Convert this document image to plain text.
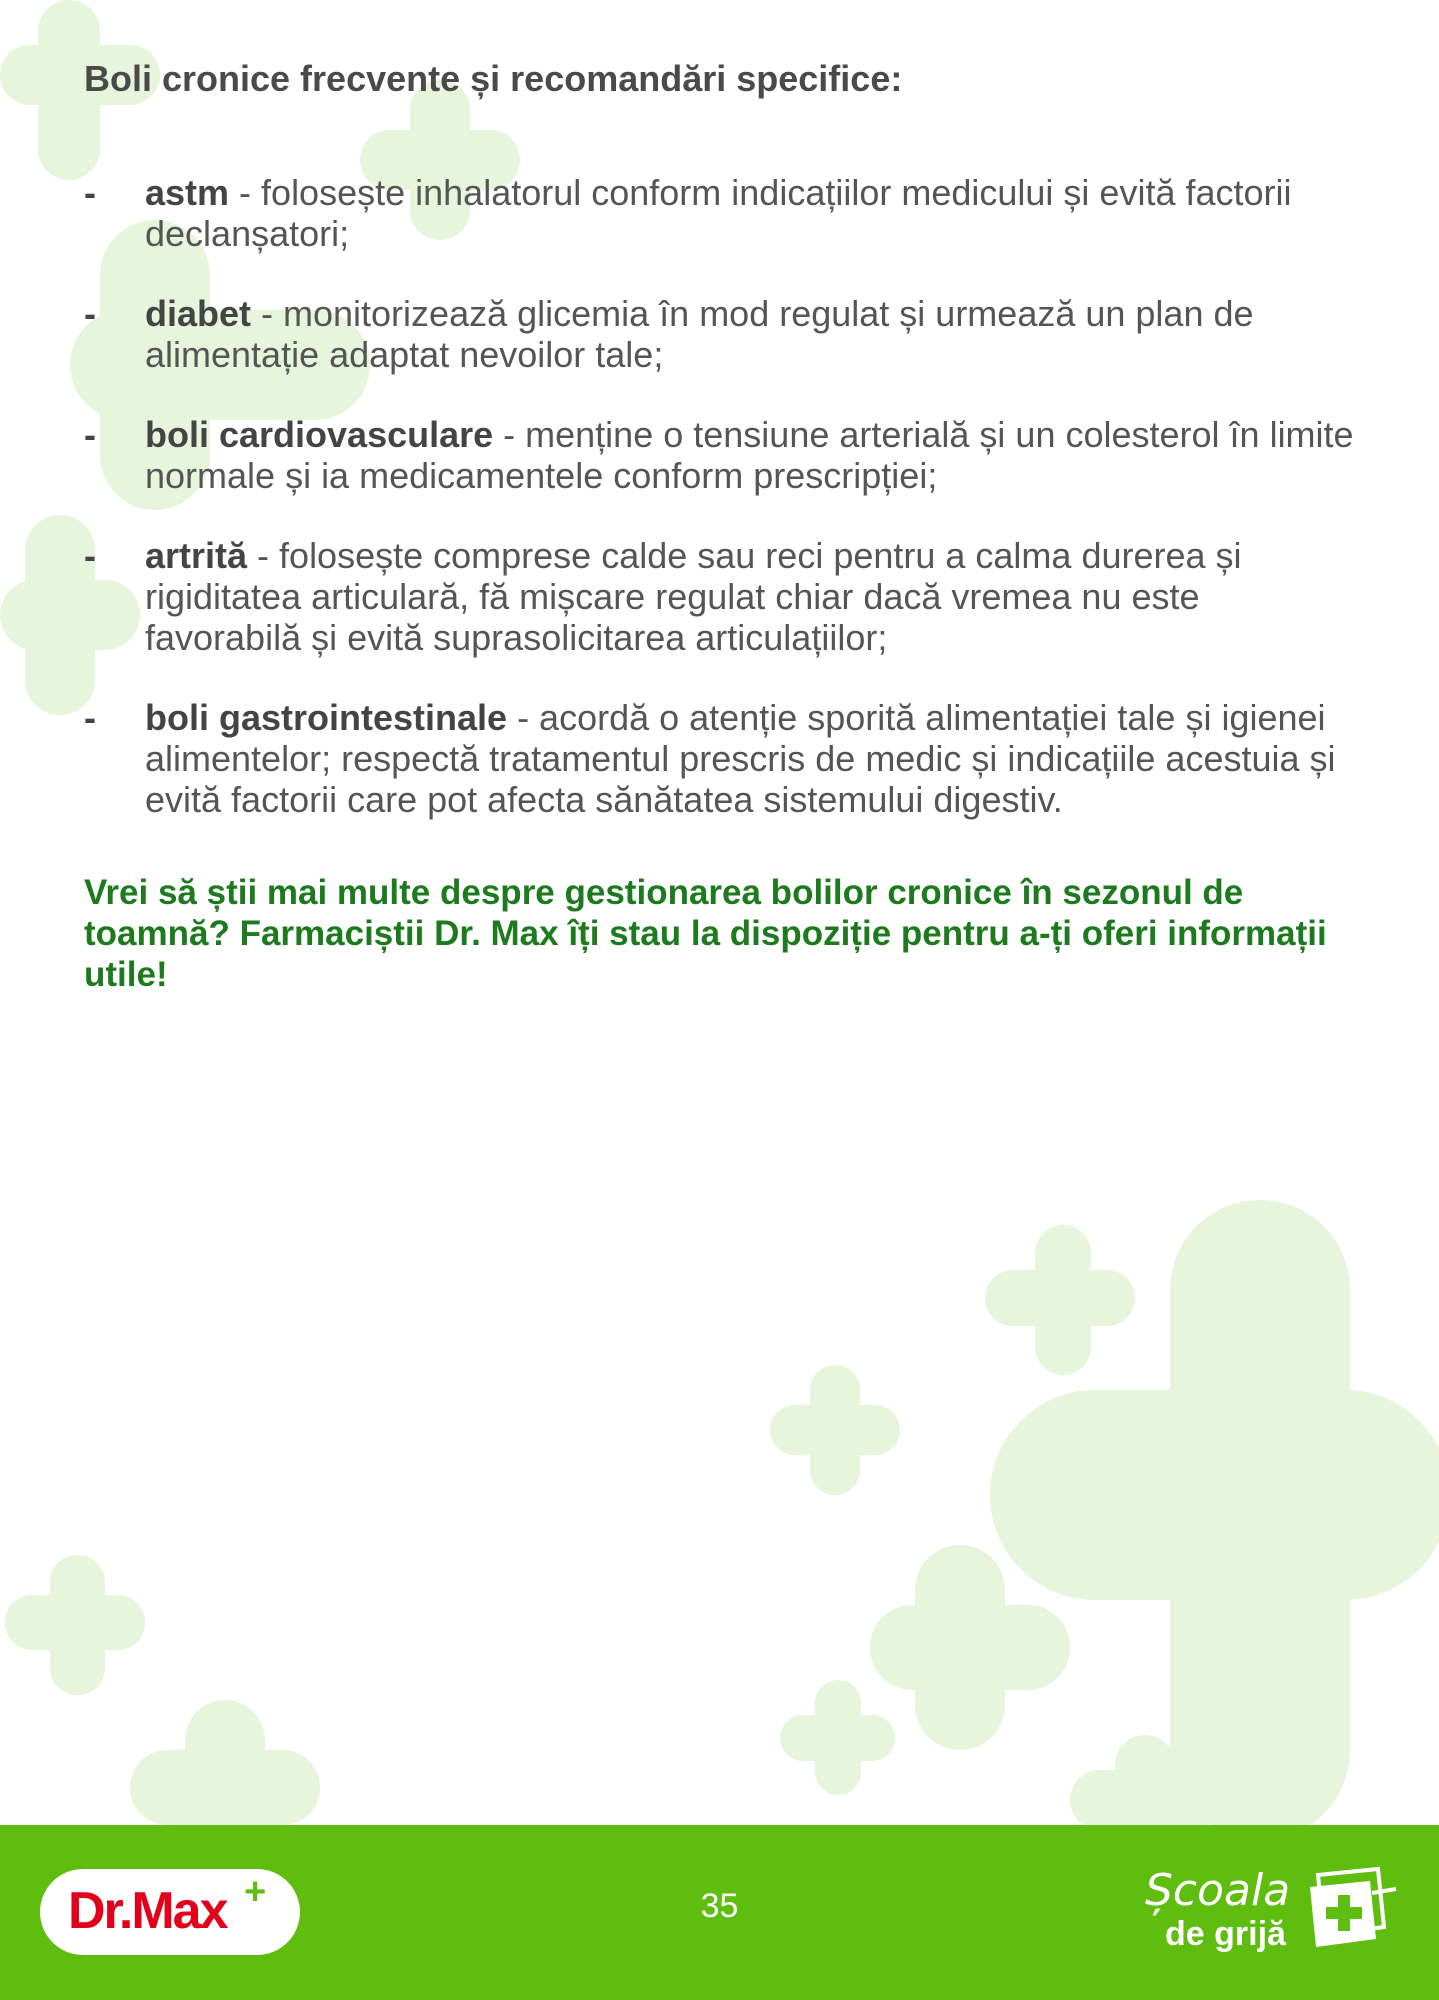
Boli cronice frecvente și recomandări specifice:
- astm - folosește inhalatorul conform indicațiilor medicului și evită factorii declanșatori;
- diabet - monitorizează glicemia în mod regulat și urmează un plan de alimentație adaptat nevoilor tale;
- boli cardiovasculare - menține o tensiune arterială și un colesterol în limite normale și ia medicamentele conform prescripției;
- artrită - folosește comprese calde sau reci pentru a calma durerea și rigiditatea articulară, fă mișcare regulat chiar dacă vremea nu este favorabilă și evită suprasolicitarea articulațiilor;
- boli gastrointestinale - acordă o atenție sporită alimentației tale și igienei alimentelor; respectă tratamentul prescris de medic și indicațiile acestuia și evită factorii care pot afecta sănătatea sistemului digestiv.

Vrei să știi mai multe despre gestionarea bolilor cronice în sezonul de toamnă? Farmaciștii Dr. Max îți stau la dispoziție pentru a-ți oferi informații utile!

Dr.Max +	35	Școala
de grijă
